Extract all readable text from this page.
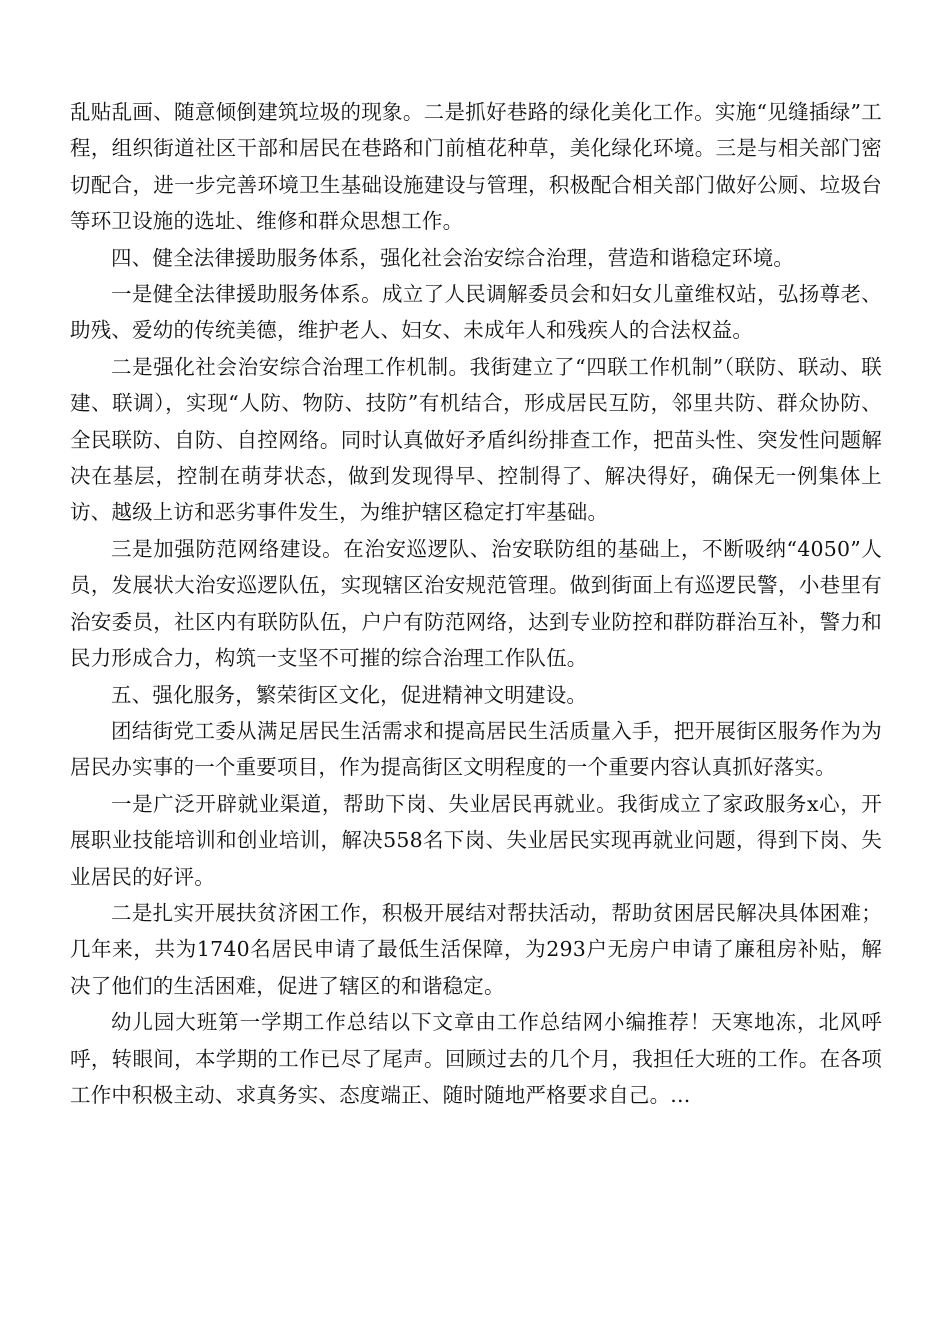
乱贴乱画、随意倾倒建筑垃圾的现象。二是抓好巷路的绿化美化工作。实施“见缝插绿”工程，组织街道社区干部和居民在巷路和门前植花种草，美化绿化环境。三是与相关部门密切配合，进一步完善环境卫生基础设施建设与管理，积极配合相关部门做好公厕、垃圾台等环卫设施的选址、维修和群众思想工作。

四、健全法律援助服务体系，强化社会治安综合治理，营造和谐稳定环境。

一是健全法律援助服务体系。成立了人民调解委员会和妇女儿童维权站，弘扬尊老、助残、爱幼的传统美德，维护老人、妇女、未成年人和残疾人的合法权益。

二是强化社会治安综合治理工作机制。我街建立了“四联工作机制”（联防、联动、联建、联调），实现“人防、物防、技防”有机结合，形成居民互防，邻里共防、群众协防、全民联防、自防、自控网络。同时认真做好矛盾纠纷排查工作，把苗头性、突发性问题解决在基层，控制在萌芽状态，做到发现得早、控制得了、解决得好，确保无一例集体上访、越级上访和恶劣事件发生，为维护辖区稳定打牢基础。

三是加强防范网络建设。在治安巡逻队、治安联防组的基础上，不断吸纳“4050”人员，发展状大治安巡逻队伍，实现辖区治安规范管理。做到街面上有巡逻民警，小巷里有治安委员，社区内有联防队伍，户户有防范网络，达到专业防控和群防群治互补，警力和民力形成合力，构筑一支坚不可摧的综合治理工作队伍。

五、强化服务，繁荣街区文化，促进精神文明建设。

团结街党工委从满足居民生活需求和提高居民生活质量入手，把开展街区服务作为为居民办实事的一个重要项目，作为提高街区文明程度的一个重要内容认真抓好落实。

一是广泛开辟就业渠道，帮助下岗、失业居民再就业。我街成立了家政服务x心，开展职业技能培训和创业培训，解决558名下岗、失业居民实现再就业问题，得到下岗、失业居民的好评。

二是扎实开展扶贫济困工作，积极开展结对帮扶活动，帮助贫困居民解决具体困难；几年来，共为1740名居民申请了最低生活保障，为293户无房户申请了廉租房补贴，解决了他们的生活困难，促进了辖区的和谐稳定。

幼儿园大班第一学期工作总结以下文章由工作总结网小编推荐！天寒地冻，北风呼呼，转眼间，本学期的工作已尽了尾声。回顾过去的几个月，我担任大班的工作。在各项工作中积极主动、求真务实、态度端正、随时随地严格要求自己。...
